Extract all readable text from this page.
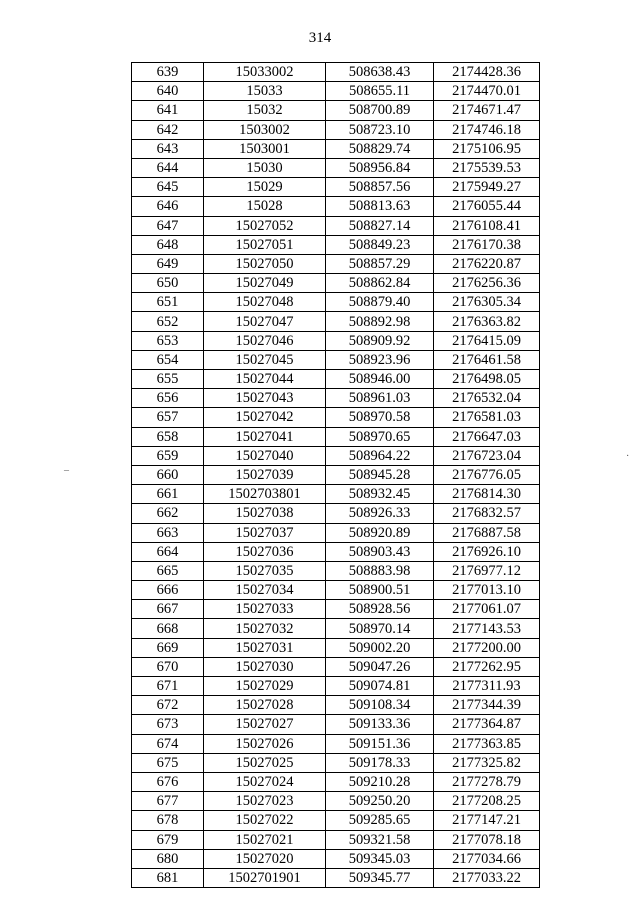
314
–
·
639	15033002	508638.43	2174428.36
640	15033	508655.11	2174470.01
641	15032	508700.89	2174671.47
642	1503002	508723.10	2174746.18
643	1503001	508829.74	2175106.95
644	15030	508956.84	2175539.53
645	15029	508857.56	2175949.27
646	15028	508813.63	2176055.44
647	15027052	508827.14	2176108.41
648	15027051	508849.23	2176170.38
649	15027050	508857.29	2176220.87
650	15027049	508862.84	2176256.36
651	15027048	508879.40	2176305.34
652	15027047	508892.98	2176363.82
653	15027046	508909.92	2176415.09
654	15027045	508923.96	2176461.58
655	15027044	508946.00	2176498.05
656	15027043	508961.03	2176532.04
657	15027042	508970.58	2176581.03
658	15027041	508970.65	2176647.03
659	15027040	508964.22	2176723.04
660	15027039	508945.28	2176776.05
661	1502703801	508932.45	2176814.30
662	15027038	508926.33	2176832.57
663	15027037	508920.89	2176887.58
664	15027036	508903.43	2176926.10
665	15027035	508883.98	2176977.12
666	15027034	508900.51	2177013.10
667	15027033	508928.56	2177061.07
668	15027032	508970.14	2177143.53
669	15027031	509002.20	2177200.00
670	15027030	509047.26	2177262.95
671	15027029	509074.81	2177311.93
672	15027028	509108.34	2177344.39
673	15027027	509133.36	2177364.87
674	15027026	509151.36	2177363.85
675	15027025	509178.33	2177325.82
676	15027024	509210.28	2177278.79
677	15027023	509250.20	2177208.25
678	15027022	509285.65	2177147.21
679	15027021	509321.58	2177078.18
680	15027020	509345.03	2177034.66
681	1502701901	509345.77	2177033.22
